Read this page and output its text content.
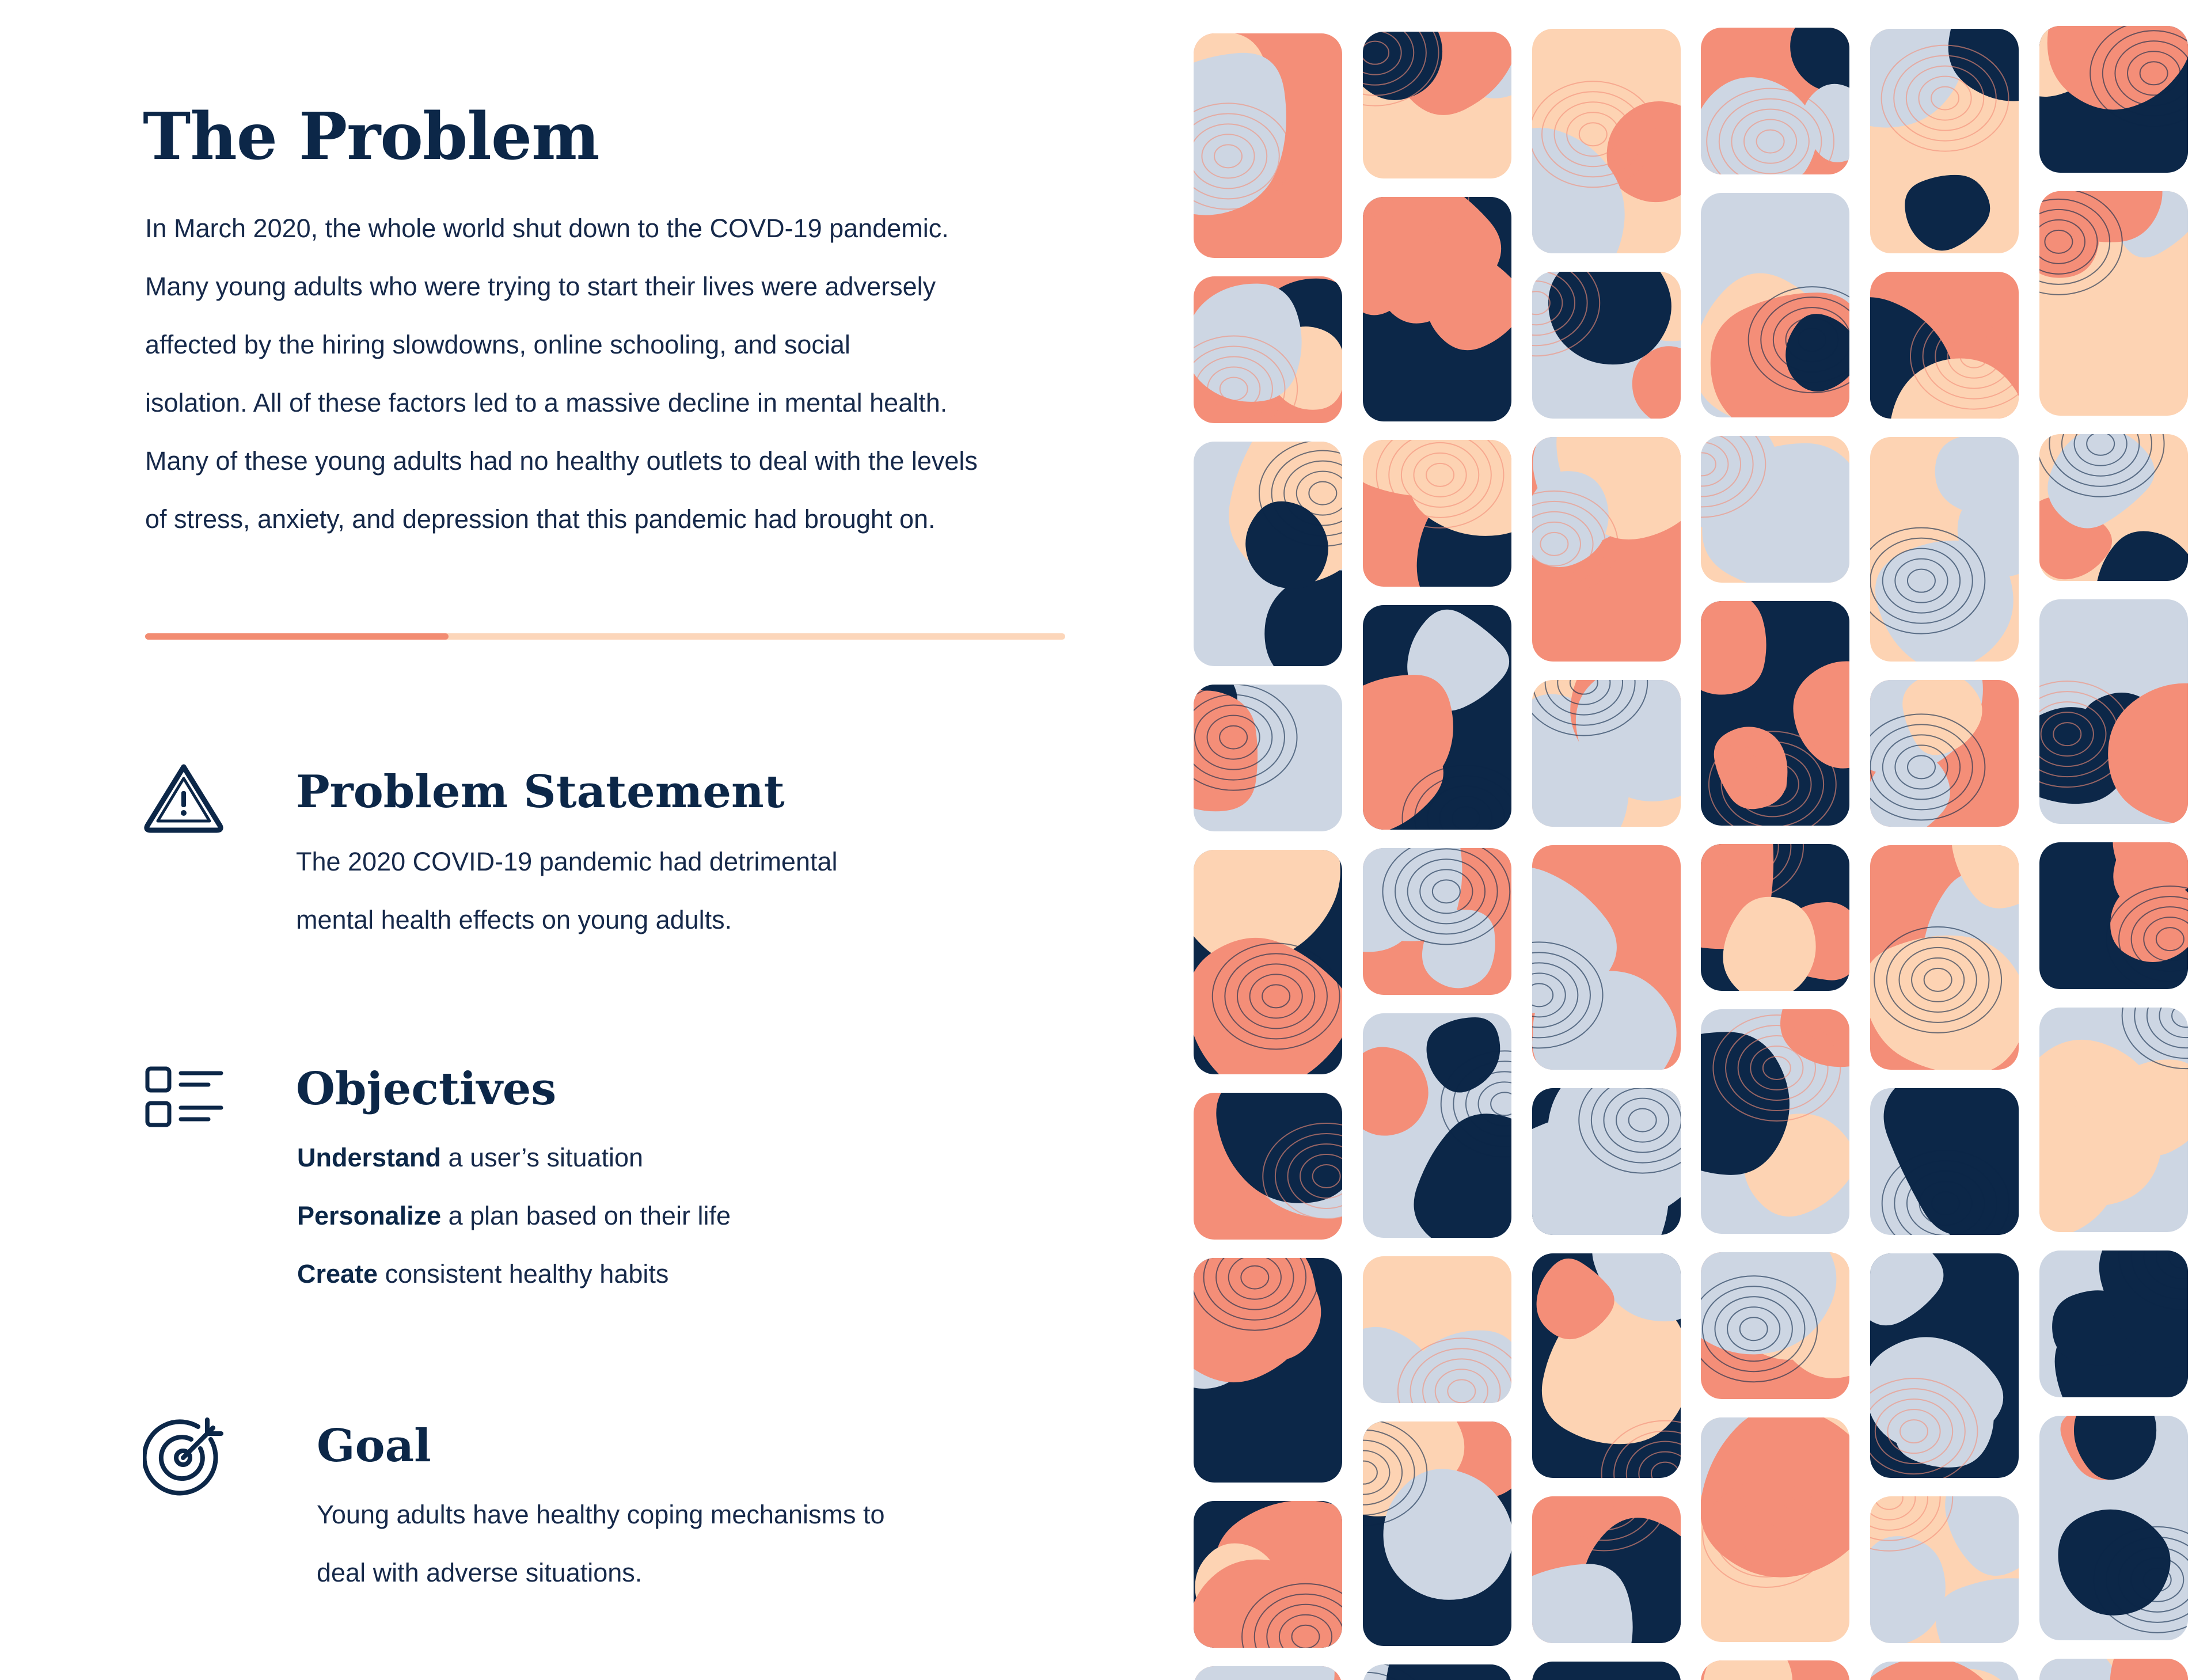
The Problem
In March 2020, the whole world shut down to the COVD-19 pandemic.
Many young adults who were trying to start their lives were adversely
affected by the hiring slowdowns, online schooling, and social
isolation. All of these factors led to a massive decline in mental health.
Many of these young adults had no healthy outlets to deal with the levels
of stress, anxiety, and depression that this pandemic had brought on.
Problem Statement
The 2020 COVID-19 pandemic had detrimental
mental health effects on young adults.
Objectives
Understand a user’s situation
Personalize a plan based on their life
Create consistent healthy habits
Goal
Young adults have healthy coping mechanisms to
deal with adverse situations.
